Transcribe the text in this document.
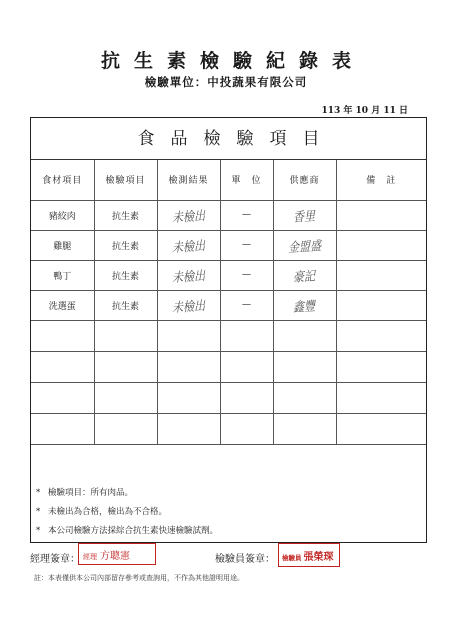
抗生素檢驗紀錄表
檢驗單位：中投蔬果有限公司
113 年 10 月 11 日
食品檢驗項目
食材項目	檢驗項目	檢測結果	單　位	供應商	備　註
豬絞肉	抗生素	未檢出	—	香里	
雞腿	抗生素	未檢出	—	金盟盛	
鴨丁	抗生素	未檢出	—	豪記	
洗選蛋	抗生素	未檢出	—	鑫豐	

* 檢驗項目：所有肉品。
* 未檢出為合格，檢出為不合格。
* 本公司檢驗方法採綜合抗生素快速檢驗試劑。
經理簽章： 經理 方聰憲	檢驗員簽章：	檢驗員 張榮琛
註：本表僅供本公司內部留存參考或查詢用，不作為其他證明用途。
